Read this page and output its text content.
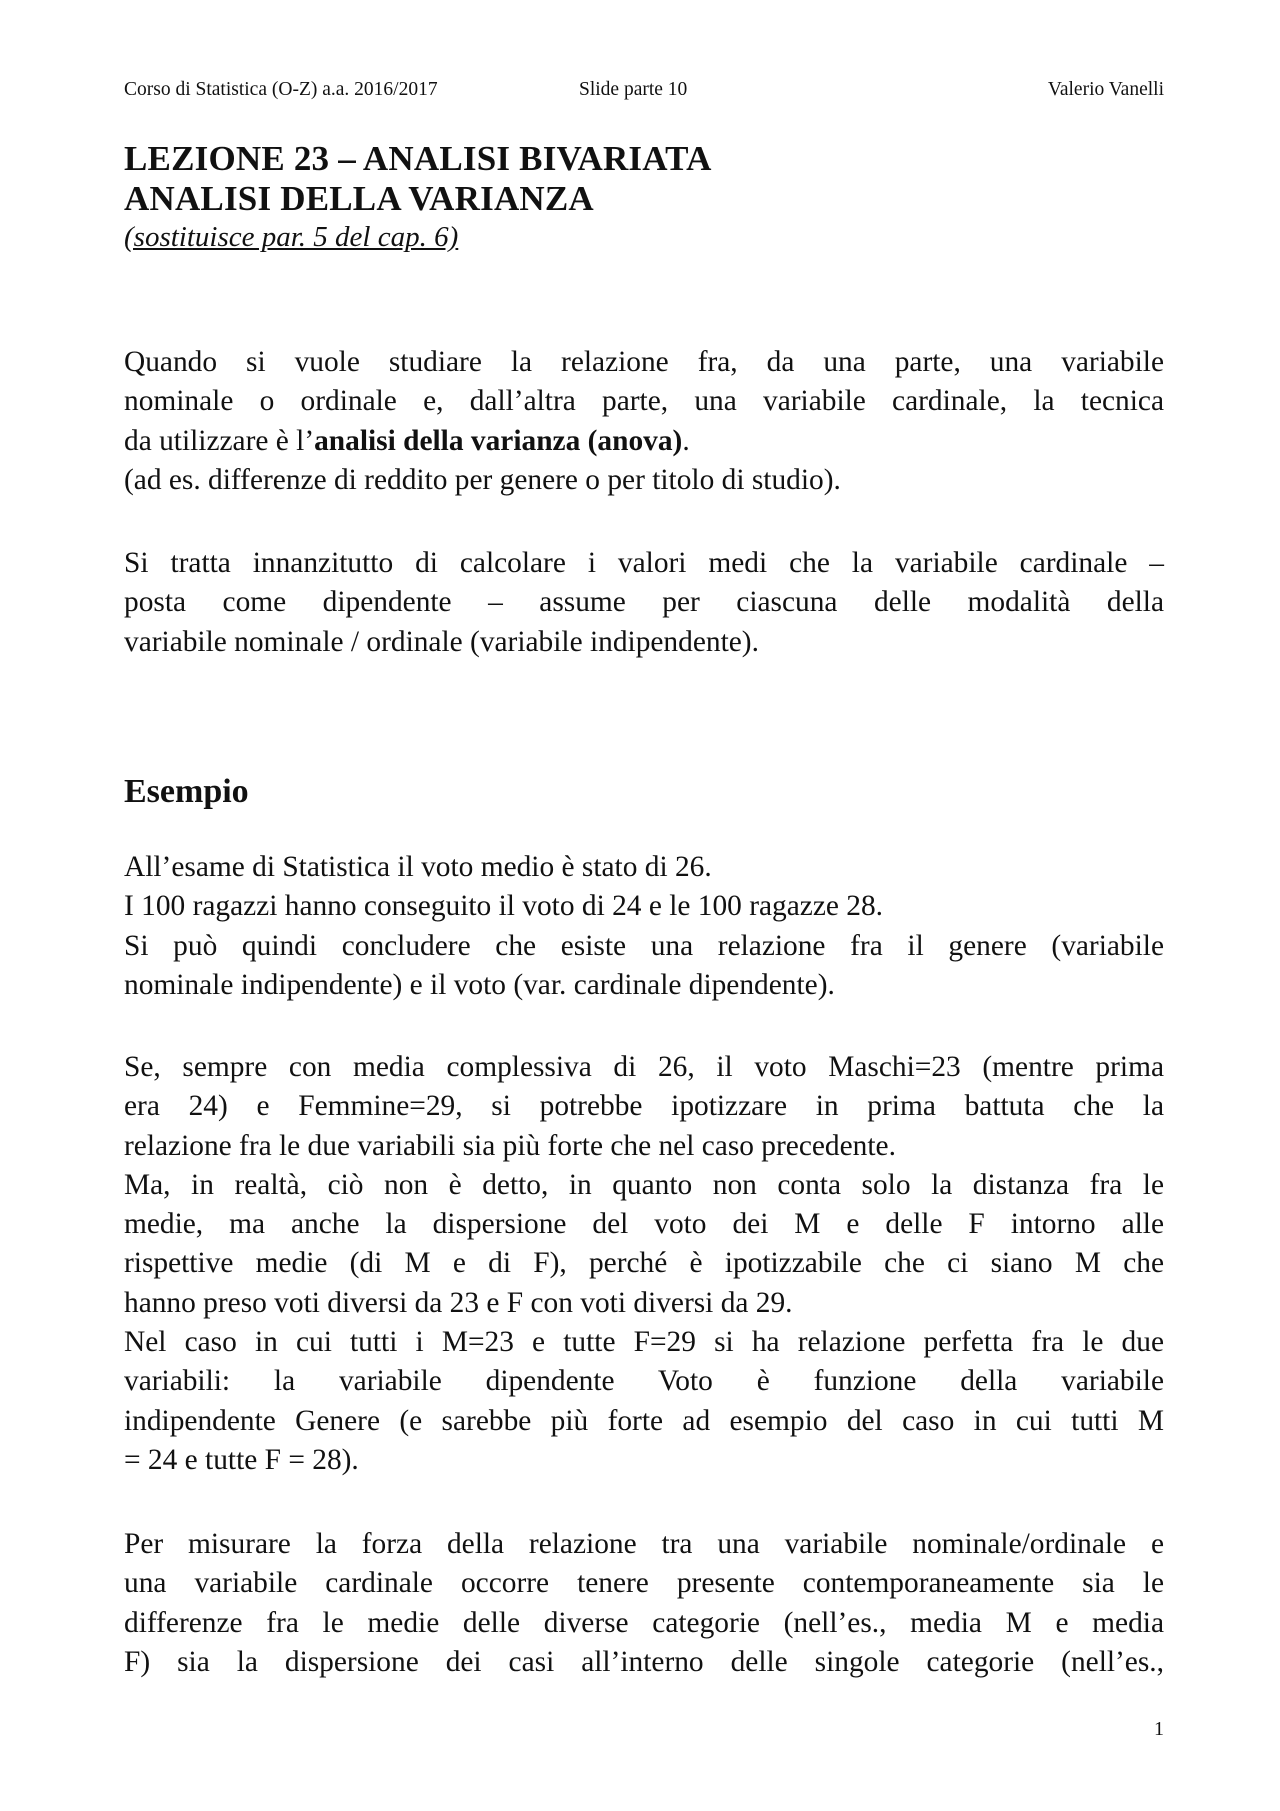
Corso di Statistica (O-Z) a.a. 2016/2017	Slide parte 10	Valerio Vanelli
LEZIONE 23 – ANALISI BIVARIATA
ANALISI DELLA VARIANZA
(sostituisce par. 5 del cap. 6)
Quando si vuole studiare la relazione fra, da una parte, una variabile
nominale o ordinale e, dall’altra parte, una variabile cardinale, la tecnica
da utilizzare è l’analisi della varianza (anova).
(ad es. differenze di reddito per genere o per titolo di studio).
Si tratta innanzitutto di calcolare i valori medi che la variabile cardinale –
posta come dipendente – assume per ciascuna delle modalità della
variabile nominale / ordinale (variabile indipendente).
Esempio
All’esame di Statistica il voto medio è stato di 26.
I 100 ragazzi hanno conseguito il voto di 24 e le 100 ragazze 28.
Si può quindi concludere che esiste una relazione fra il genere (variabile
nominale indipendente) e il voto (var. cardinale dipendente).
Se, sempre con media complessiva di 26, il voto Maschi=23 (mentre prima
era 24) e Femmine=29, si potrebbe ipotizzare in prima battuta che la
relazione fra le due variabili sia più forte che nel caso precedente.
Ma, in realtà, ciò non è detto, in quanto non conta solo la distanza fra le
medie, ma anche la dispersione del voto dei M e delle F intorno alle
rispettive medie (di M e di F), perché è ipotizzabile che ci siano M che
hanno preso voti diversi da 23 e F con voti diversi da 29.
Nel caso in cui tutti i M=23 e tutte F=29 si ha relazione perfetta fra le due
variabili: la variabile dipendente Voto è funzione della variabile
indipendente Genere (e sarebbe più forte ad esempio del caso in cui tutti M
= 24 e tutte F = 28).
Per misurare la forza della relazione tra una variabile nominale/ordinale e
una variabile cardinale occorre tenere presente contemporaneamente sia le
differenze fra le medie delle diverse categorie (nell’es., media M e media
F) sia la dispersione dei casi all’interno delle singole categorie (nell’es.,
1
